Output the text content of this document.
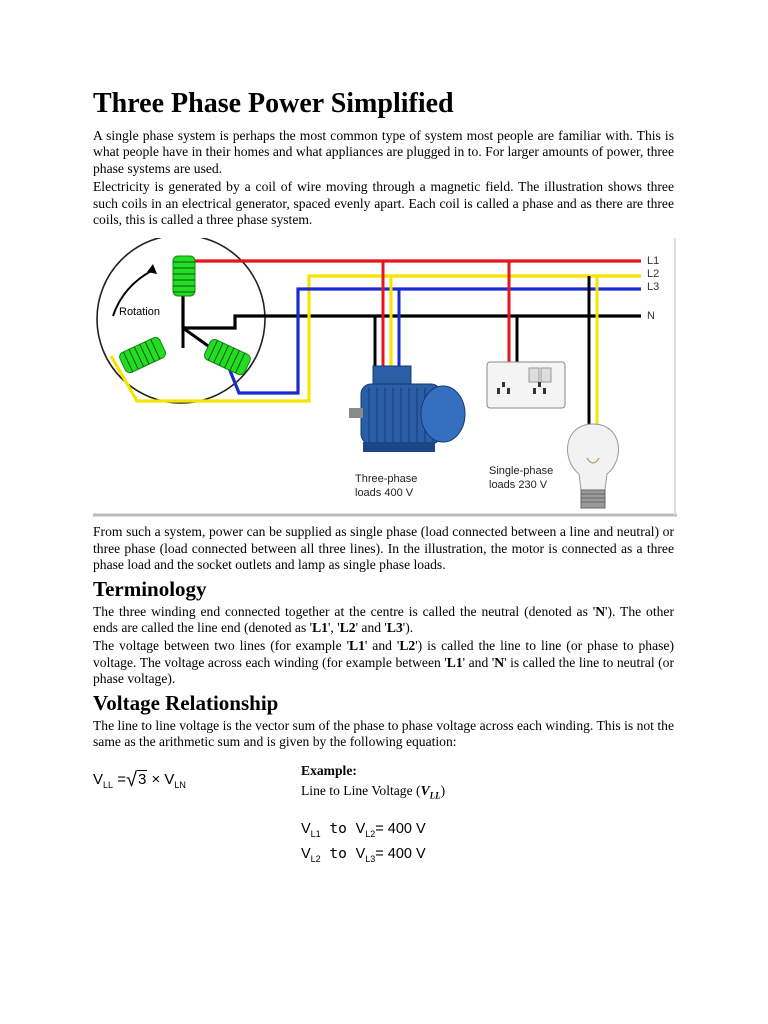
Three Phase Power Simplified

A single phase system is perhaps the most common type of system most people are familiar with. This is what people have in their homes and what appliances are plugged in to. For larger amounts of power, three phase systems are used.

Electricity is generated by a coil of wire moving through a magnetic field. The illustration shows three such coils in an electrical generator, spaced evenly apart. Each coil is called a phase and as there are three coils, this is called a three phase system.

Rotation
L1
L2
L3
N
Three-phase
loads 400 V
Single-phase
loads 230 V

From such a system, power can be supplied as single phase (load connected between a line and neutral) or three phase (load connected between all three lines). In the illustration, the motor is connected as a three phase load and the socket outlets and lamp as single phase loads.

Terminology

The three winding end connected together at the centre is called the neutral (denoted as 'N'). The other ends are called the line end (denoted as 'L1', 'L2' and 'L3').

The voltage between two lines (for example 'L1' and 'L2') is called the line to line (or phase to phase) voltage. The voltage across each winding (for example between 'L1' and 'N' is called the line to neutral (or phase voltage).

Voltage Relationship

The line to line voltage is the vector sum of the phase to phase voltage across each winding. This is not the same as the arithmetic sum and is given by the following equation:

$V_{LL} =√3 \times V_{LN}$
Example:
Line to Line Voltage $(V_{LL})$
$V_{L1}$ to $V_{L2}= 400$ V
$V_{L2}$ to $V_{L3}= 400$ V
